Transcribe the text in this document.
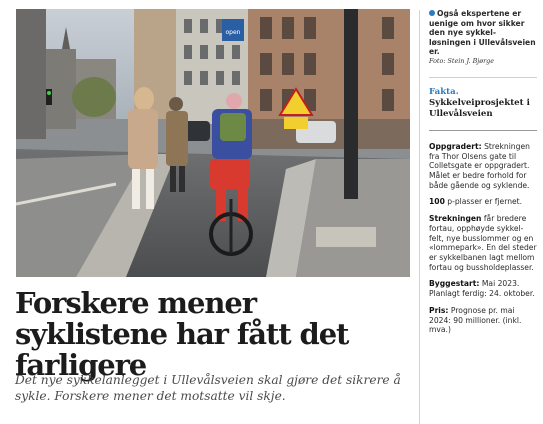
open
Forskere mener syklistene har fått det farligere

Det nye sykkelanlegget i Ullevålsveien skal gjøre det sikrere å sykle. Forskere mener det motsatte vil skje.

Også ekspertene er uenige om hvor sikker den nye sykkel-løsningen i Ullevålsveien er.

Foto: Stein J. Bjørge

Fakta.
Sykkelveiprosjektet i Ullevålsveien

Oppgradert: Strekningen fra Thor Olsens gate til Colletsgate er oppgradert. Målet er bedre forhold for både gående og syklende.

100 p-plasser er fjernet.

Strekningen får bredere fortau, opphøyde sykkel-felt, nye busslommer og en «lommepark». En del steder er sykkelbanen lagt mellom fortau og bussholdeplasser.

Byggestart: Mai 2023. Planlagt ferdig: 24. oktober.

Pris: Prognose pr. mai 2024: 90 millioner. (inkl. mva.)
